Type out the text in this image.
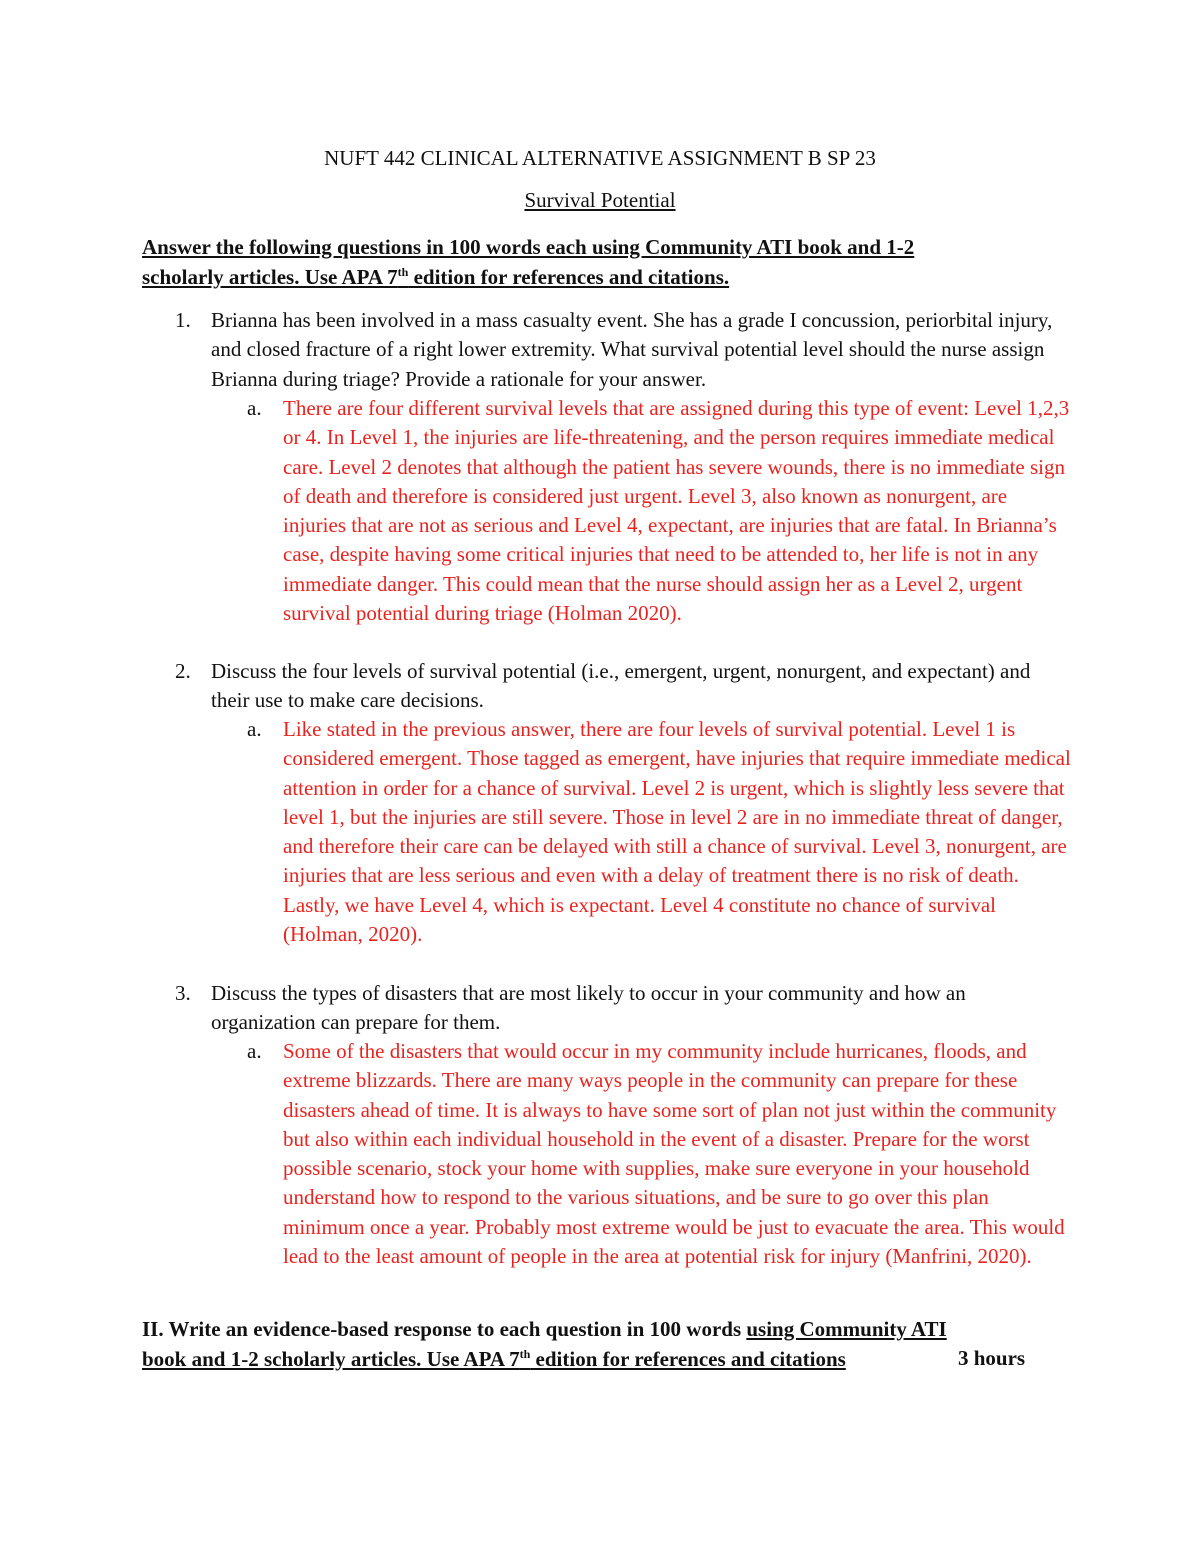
NUFT 442 CLINICAL ALTERNATIVE ASSIGNMENT B SP 23
Survival Potential
Answer the following questions in 100 words each using Community ATI book and 1-2
scholarly articles. Use APA 7th edition for references and citations.
1. Brianna has been involved in a mass casualty event. She has a grade I concussion, periorbital injury, and closed fracture of a right lower extremity. What survival potential level should the nurse assign Brianna during triage? Provide a rationale for your answer.
a. There are four different survival levels that are assigned during this type of event: Level 1,2,3 or 4. In Level 1, the injuries are life-threatening, and the person requires immediate medical care. Level 2 denotes that although the patient has severe wounds, there is no immediate sign of death and therefore is considered just urgent. Level 3, also known as nonurgent, are injuries that are not as serious and Level 4, expectant, are injuries that are fatal. In Brianna’s case, despite having some critical injuries that need to be attended to, her life is not in any immediate danger. This could mean that the nurse should assign her as a Level 2, urgent survival potential during triage (Holman 2020).
2. Discuss the four levels of survival potential (i.e., emergent, urgent, nonurgent, and expectant) and their use to make care decisions.
a. Like stated in the previous answer, there are four levels of survival potential. Level 1 is considered emergent. Those tagged as emergent, have injuries that require immediate medical attention in order for a chance of survival. Level 2 is urgent, which is slightly less severe that level 1, but the injuries are still severe. Those in level 2 are in no immediate threat of danger, and therefore their care can be delayed with still a chance of survival. Level 3, nonurgent, are injuries that are less serious and even with a delay of treatment there is no risk of death. Lastly, we have Level 4, which is expectant. Level 4 constitute no chance of survival (Holman, 2020).
3. Discuss the types of disasters that are most likely to occur in your community and how an organization can prepare for them.
a. Some of the disasters that would occur in my community include hurricanes, floods, and extreme blizzards. There are many ways people in the community can prepare for these disasters ahead of time. It is always to have some sort of plan not just within the community but also within each individual household in the event of a disaster. Prepare for the worst possible scenario, stock your home with supplies, make sure everyone in your household understand how to respond to the various situations, and be sure to go over this plan minimum once a year. Probably most extreme would be just to evacuate the area. This would lead to the least amount of people in the area at potential risk for injury (Manfrini, 2020).
II. Write an evidence-based response to each question in 100 words using Community ATI
book and 1-2 scholarly articles. Use APA 7th edition for references and citations	3 hours
